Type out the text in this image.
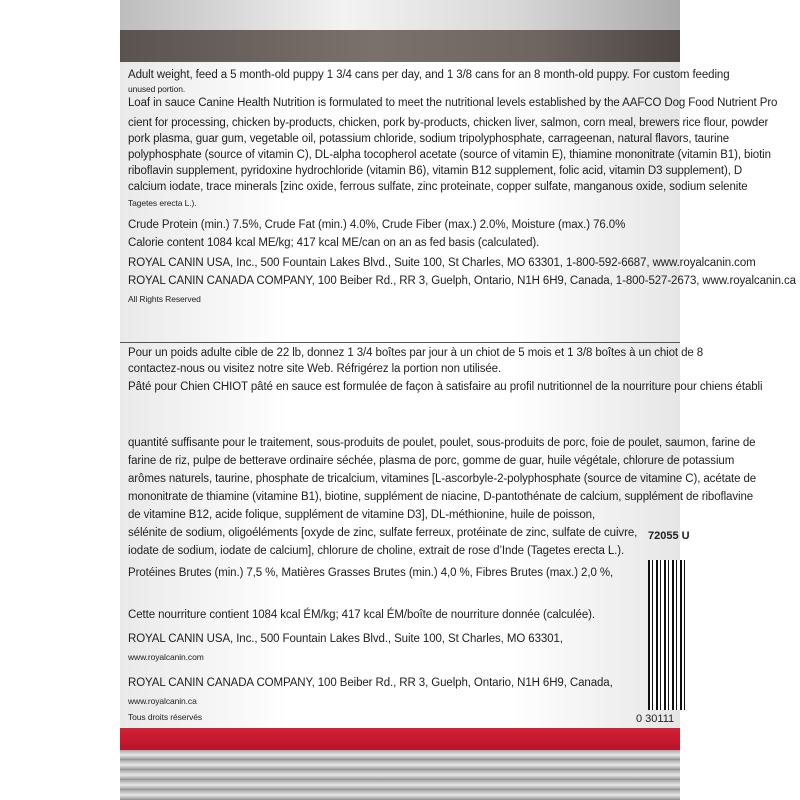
Adult weight, feed a 5 month-old puppy 1 3/4 cans per day, and 1 3/8 cans for an 8 month-old puppy. For custom feeding
unused portion.
Loaf in sauce Canine Health Nutrition is formulated to meet the nutritional levels established by the AAFCO Dog Food Nutrient Pro
cient for processing, chicken by-products, chicken, pork by-products, chicken liver, salmon, corn meal, brewers rice flour, powder
pork plasma, guar gum, vegetable oil, potassium chloride, sodium tripolyphosphate, carrageenan, natural flavors, taurine
polyphosphate (source of vitamin C), DL-alpha tocopherol acetate (source of vitamin E), thiamine mononitrate (vitamin B1), biotin
riboflavin supplement, pyridoxine hydrochloride (vitamin B6), vitamin B12 supplement, folic acid, vitamin D3 supplement), D
calcium iodate, trace minerals [zinc oxide, ferrous sulfate, zinc proteinate, copper sulfate, manganous oxide, sodium selenite
Tagetes erecta L.).
Crude Protein (min.) 7.5%, Crude Fat (min.) 4.0%, Crude Fiber (max.) 2.0%, Moisture (max.) 76.0%
Calorie content 1084 kcal ME/kg; 417 kcal ME/can on an as fed basis (calculated).
ROYAL CANIN USA, Inc., 500 Fountain Lakes Blvd., Suite 100, St Charles, MO 63301, 1-800-592-6687, www.royalcanin.com
ROYAL CANIN CANADA COMPANY, 100 Beiber Rd., RR 3, Guelph, Ontario, N1H 6H9, Canada, 1-800-527-2673, www.royalcanin.ca
All Rights Reserved
Pour un poids adulte cible de 22 lb, donnez 1 3/4 boîtes par jour à un chiot de 5 mois et 1 3/8 boîtes à un chiot de 8
contactez-nous ou visitez notre site Web. Réfrigérez la portion non utilisée.
Pâté pour Chien CHIOT pâté en sauce est formulée de façon à satisfaire au profil nutritionnel de la nourriture pour chiens établi
quantité suffisante pour le traitement, sous-produits de poulet, poulet, sous-produits de porc, foie de poulet, saumon, farine de
farine de riz, pulpe de betterave ordinaire séchée, plasma de porc, gomme de guar, huile végétale, chlorure de potassium
arômes naturels, taurine, phosphate de tricalcium, vitamines [L-ascorbyle-2-polyphosphate (source de vitamine C), acétate de
mononitrate de thiamine (vitamine B1), biotine, supplément de niacine, D-pantothénate de calcium, supplément de riboflavine
de vitamine B12, acide folique, supplément de vitamine D3], DL-méthionine, huile de poisson,
sélénite de sodium, oligoéléments [oxyde de zinc, sulfate ferreux, protéinate de zinc, sulfate de cuivre,
iodate de sodium, iodate de calcium], chlorure de choline, extrait de rose d’Inde (Tagetes erecta L.).
Protéines Brutes (min.) 7,5 %, Matières Grasses Brutes (min.) 4,0 %, Fibres Brutes (max.) 2,0 %,
Cette nourriture contient 1084 kcal ÉM/kg; 417 kcal ÉM/boîte de nourriture donnée (calculée).
ROYAL CANIN USA, Inc., 500 Fountain Lakes Blvd., Suite 100, St Charles, MO 63301,
www.royalcanin.com
ROYAL CANIN CANADA COMPANY, 100 Beiber Rd., RR 3, Guelph, Ontario, N1H 6H9, Canada,
www.royalcanin.ca
Tous droits réservés
72055 U
0 30111
